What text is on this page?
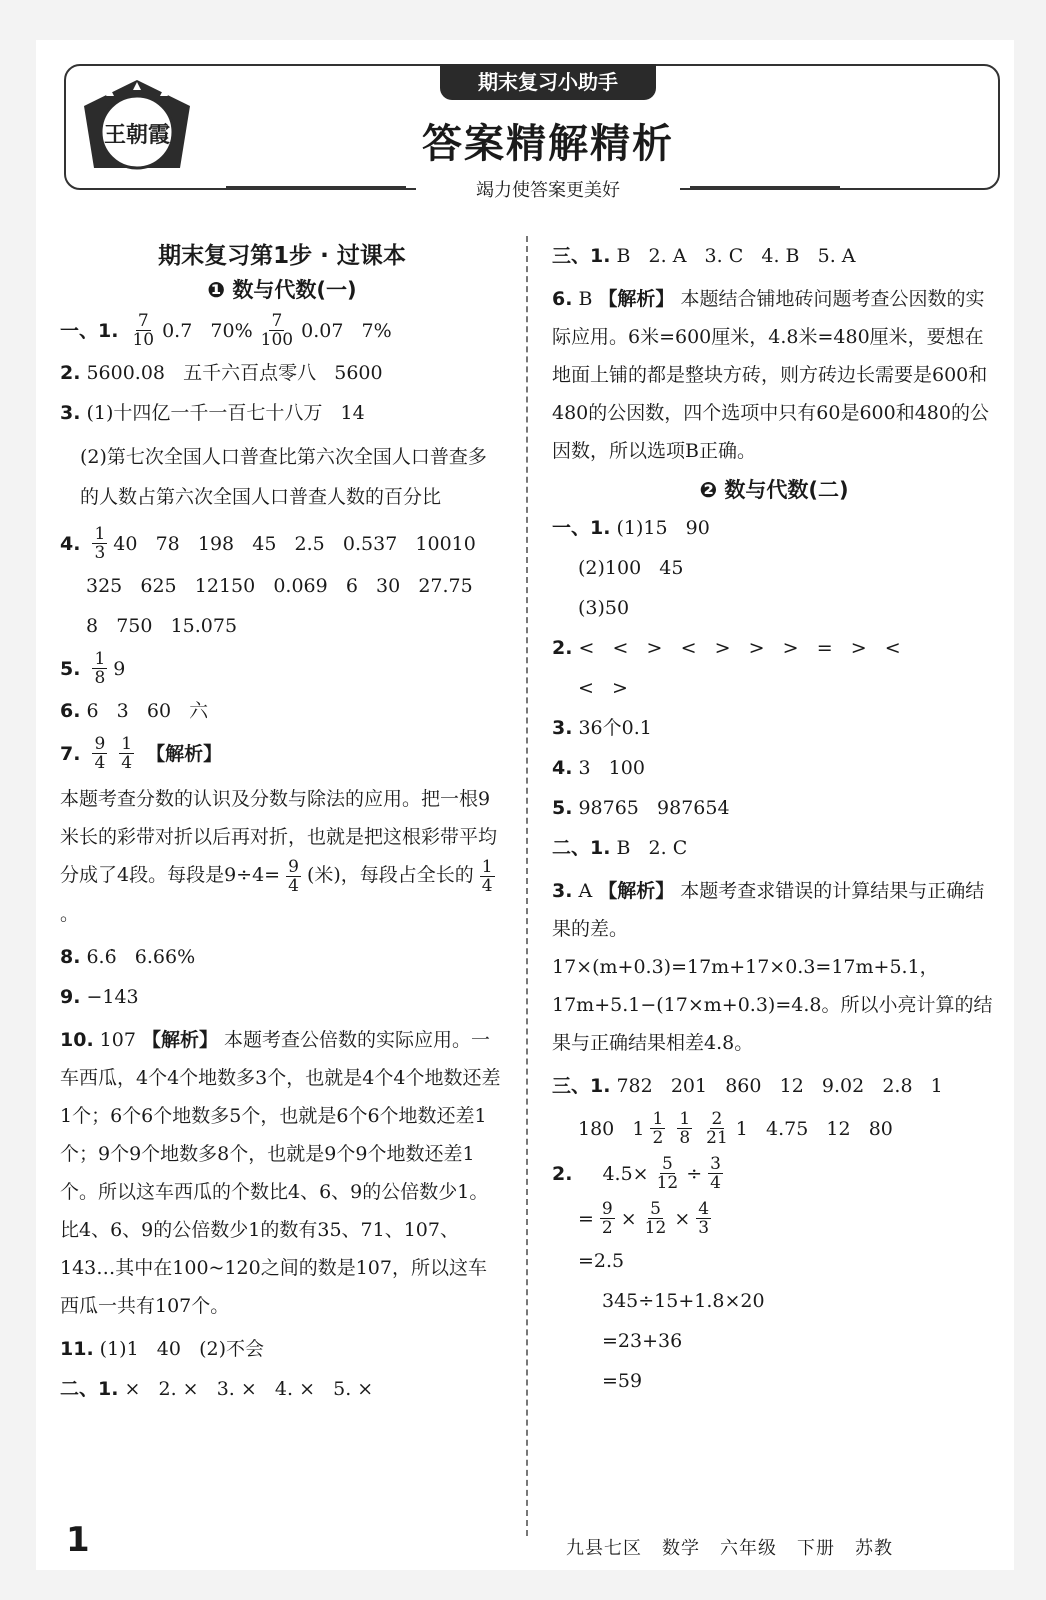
王朝霞
期末复习小助手
答案精解精析
竭力使答案更美好
期末复习第1步 · 过课本
❶ 数与代数(一)
一、1. $\frac{7}{10} 0.7$   $70\% \frac{7}{100} 0.07$   7%
2. 5600.08   五千六百点零八   5600
3. (1)十四亿一千一百七十八万   14
(2)第七次全国人口普查比第六次全国人口普查多的人数占第六次全国人口普查人数的百分比
4. $\frac{1}{3} 40$   78   198   45   2.5   0.537   10010
325   625   12150   0.069   6   30   27.75
8   750   15.075
5. $\frac{1}{8} 9$
6. 6   3   60   六
7. $\frac{9}{4} \frac{1}{4}$ 【解析】
本题考查分数的认识及分数与除法的应用。把一根9米长的彩带对折以后再对折，也就是把这根彩带平均分成了4段。每段是$9\div 4= \frac{9}{4}$ (米)，每段占全长的 $\frac{1}{4}$
。
8. 6.6̇   6.66%
9. −143
10. 107 【解析】 本题考查公倍数的实际应用。一车西瓜，4个4个地数多3个，也就是4个4个地数还差1个；6个6个地数多5个，也就是6个6个地数还差1个；9个9个地数多8个，也就是9个9个地数还差1个。所以这车西瓜的个数比4、6、9的公倍数少1。比4、6、9的公倍数少1的数有35、71、107、143…其中在100~120之间的数是107，所以这车西瓜一共有107个。
11. (1)1   40   (2)不会
二、1. ×   2. ×   3. ×   4. ×   5. ×
三、1. B   2. A   3. C   4. B   5. A
6. B 【解析】 本题结合铺地砖问题考查公因数的实际应用。6米=600厘米，4.8米=480厘米，要想在地面上铺的都是整块方砖，则方砖边长需要是600和480的公因数，四个选项中只有60是600和480的公因数，所以选项B正确。
❷ 数与代数(二)
一、1. (1)15   90
(2)100   45
(3)50
2. <   <   >   <   >   >   >   =   >   <
<   >
3. 36个0.1
4. 3   100
5. 98765   987654
二、1. B   2. C
3. A 【解析】 本题考查求错误的计算结果与正确结果的差。17×(m+0.3)=17m+17×0.3=17m+5.1，17m+5.1−(17×m+0.3)=4.8。所以小亮计算的结果与正确结果相差4.8。
三、1. 782   201   860   12   9.02   2.8   1
180   $1 \frac{1}{2} \frac{1}{8} \frac{2}{21} 1$   4.75   12   80
2.	$4.5\times \frac{5}{12} \div \frac{3}{4}$
= $\frac{9}{2} \times \frac{5}{12} \times \frac{4}{3}$
=2.5
345÷15+1.8×20
=23+36
=59
1	九县七区 数学 六年级 下册 苏教
